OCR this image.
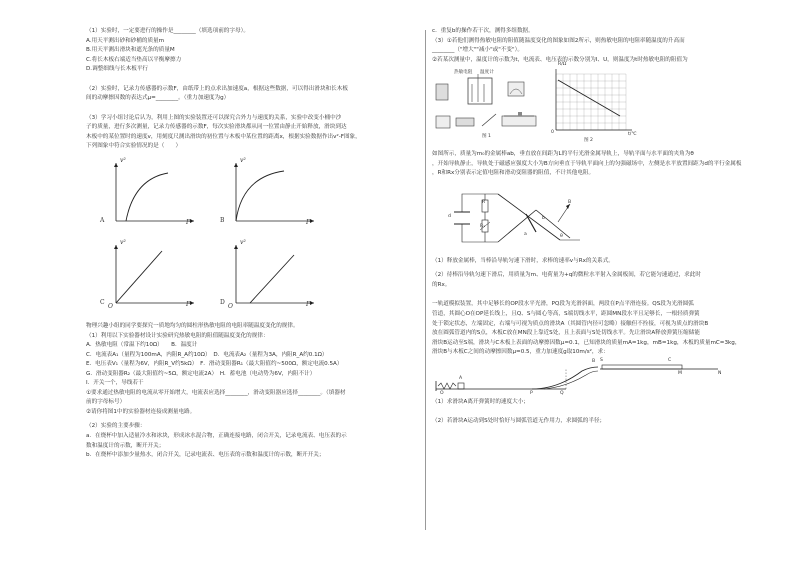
（1）实验时，一定要进行的操作是________（填选项前的字母）。

A.用天平测出砂和砂桶的质量m

B.用天平测出滑块和遮光条的质量M

C.将长木板右端适当垫高以平衡摩擦力

D.调整细线与长木板平行

（2）实验时，记录力传感器的示数F，由纸带上的点求出加速度a，根据这些数据，可以得出滑块和长木板

间的动摩擦因数的表达式μ=________。（重力加速度为g）

（3）学习小组讨论后认为，利用上图的实验装置还可以探究合外力与速度的关系，实验中改变小桶中沙

子的质量，进行多次测量，记录力传感器的示数F，每次实验滑块都从同一位置由静止开始释放，滑块到达

木板中的某位置时的速度v，用刻度尺测出滑块的初位置与木板中某位置的距离x，根据实验数据作出v²-F图象，

下列图象中符合实验情况的是（　　）

v²
F
A
v²
F
B
v²
F
O
C
v²
F
O
D

物理兴趣小组的同学要探究一质地均匀的圆柱形热敏电阻的电阻率随温度变化的规律。

（1）利用以下实验器材设计实验研究热敏电阻的阻值随温度变化的规律：

A．热敏电阻（常温下约10Ω）　　B．温度计

C．电流表A₁（量程为100mA，内阻R_A约10Ω）　D．电流表A₂（量程为3A，内阻R_A约0.1Ω）

E．电压表V₁（量程为6V，内阻R_V约5kΩ）　F．滑动变阻器R₁（最大阻值约~500Ω，额定电流0.5A）

G．滑动变阻器R₂（最大阻值约~5Ω，额定电流2A）　H．蓄电池（电动势为6V，内阻不计）

I．开关一个，导线若干

①要求通过热敏电阻的电流从零开始增大，电流表应选择________，滑动变阻器应选择________。（填器材

前的字母标号）

②请你将图1中的实验器材连接成测量电路。

（2）实验的主要步骤：

a．在烧杯中加入适量冷水和冰块，形成冰水混合物，正确连接电路，闭合开关，记录电流表、电压表的示

数和温度计的示数，断开开关；

b．在烧杯中添加少量热水，闭合开关，记录电流表、电压表的示数和温度计的示数，断开开关；

c．重复b的操作若干次，测得多组数据。

（3）①若他们测得热敏电阻的阻值随温度变化的图象如图2所示，则热敏电阻的电阻率随温度的升高而

________（"增大""减小"或"不变"）。

②若某次测量中，温度计的示数为t，电流表、电压表的示数分别为I、U，则温度为t时热敏电阻的阻值为

热敏电阻 温度计
图 1
R/Ω
t/℃
0
图 2

如图所示，质量为m₀的金属棒ab，垂直放在间距为L的平行光滑金属导轨上，导轨平面与水平面的夹角为θ

，开始导轨静止，导轨处于磁感应强度大小为B方向垂直于导轨平面向上的匀强磁场中，左侧是水平放置间距为d的平行金属板

，R和Rx分别表示定值电阻和滑动变阻器的阻值，不计其他电阻。

R
Rₓ
d
a
b
B
θ

（1）释放金属棒，当棒沿导轨匀速下滑时，求棒的速率v与Rx的关系式。

（2）待棒沿导轨匀速下滑后，用质量为m、电荷量为+q的微粒水平射入金属板间，若它能匀速通过，求此时

的Rx。

一轨道模拟装置，其中足够长的OP段水平光滑，PQ段为光滑斜面，两段在P点平滑连接。QS段为光滑圆弧

管道，其圆心O在OP延长线上，且Q、S与圆心等高，S端切线水平，距圆MN段水平且足够长，一根轻质弹簧

处于锁定状态，左端固定，右端与可视为质点的滑块A（其圆管内径可忽略）接触但不拴接，可视为质点的滑块B

放在圆弧管道内的S点，木板C放在MN段上靠近S处，且上表面与S处切线水平。先让滑块A释放弹簧压缩储能

滑块B运动至S端，滑块与C木板上表面的动摩擦因数μ=0.1，已知滑块的质量mA=1kg，mB=1kg，木板的质量mC=3kg，

滑块B与木板C之间的动摩擦因数μ=0.5，重力加速度g取10m/s²，求：

O	P	Q
S	C
M	N
A
B

（1）求滑块A离开弹簧时的速度大小；

（2）若滑块A运动到S处时恰好与圆弧管道无作用力，求圆弧的半径；
